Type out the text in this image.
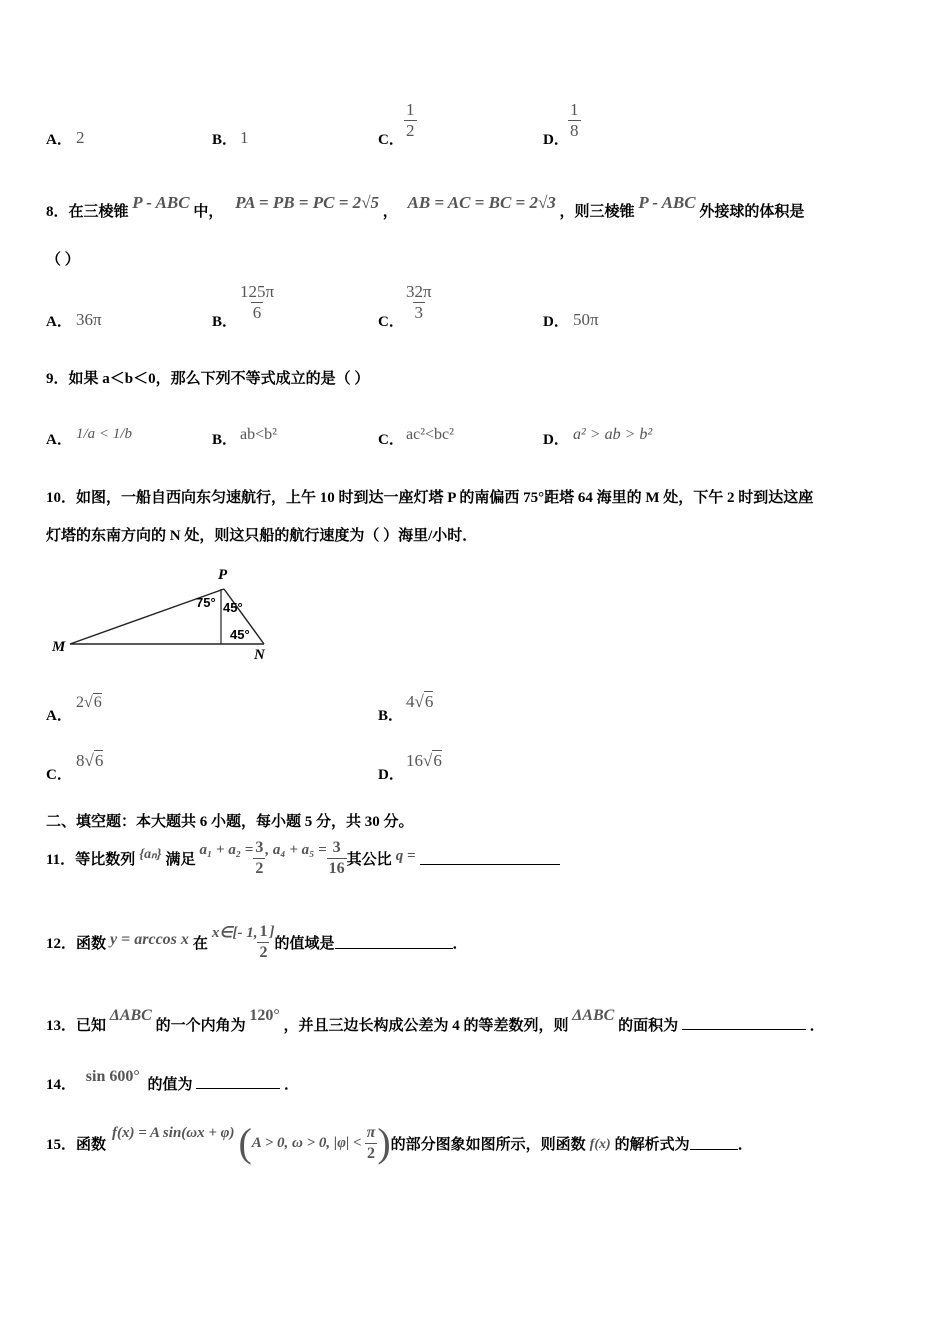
A． 2	B． 1	C． $\frac{1}{2}$	D． $\frac{1}{8}$
8．在三棱锥 P - ABC 中， PA = PB = PC = 2√5 ， AB = AC = BC = 2√3 ，则三棱锥 P - ABC 外接球的体积是
（ ）
A． 36π	B． $\frac{125\pi}{6}$	C． $\frac{32\pi}{3}$	D． 50π
9．如果 a＜b＜0，那么下列不等式成立的是（ ）
A． 1/a < 1/b	B． ab<b²	C． ac²<bc²	D． a² > ab > b²
10．如图，一船自西向东匀速航行，上午 10 时到达一座灯塔 P 的南偏西 75°距塔 64 海里的 M 处，下午 2 时到达这座
灯塔的东南方向的 N 处，则这只船的航行速度为（ ）海里/小时．
P
M	N
75° 45°
45°
A．
2√6
B．
4√6
C．
8√6
D．
16√6
二、填空题：本大题共 6 小题，每小题 5 分，共 30 分。
11． 等比数列 {aₙ} 满足
$a_1 + a_2 = \frac{3}{2}$ , $a_4 + a_5 = \frac{3}{16}$ 其公比 q =
12． 函数 y = arccos x 在
x∈[- 1, $\frac{1}{2}$ ]
的值域是	．
13．已知 ΔABC 的一个内角为 120° ，并且三边长构成公差为 4 的等差数列，则 ΔABC 的面积为	．
14． sin 600° 的值为	．
15． 函数
f(x) = A sin(ωx + φ) ( A > 0, ω > 0, $|\varphi| < \frac{\pi}{2}$ ) 的部分图象如图所示，则函数 f(x) 的解析式为	．
